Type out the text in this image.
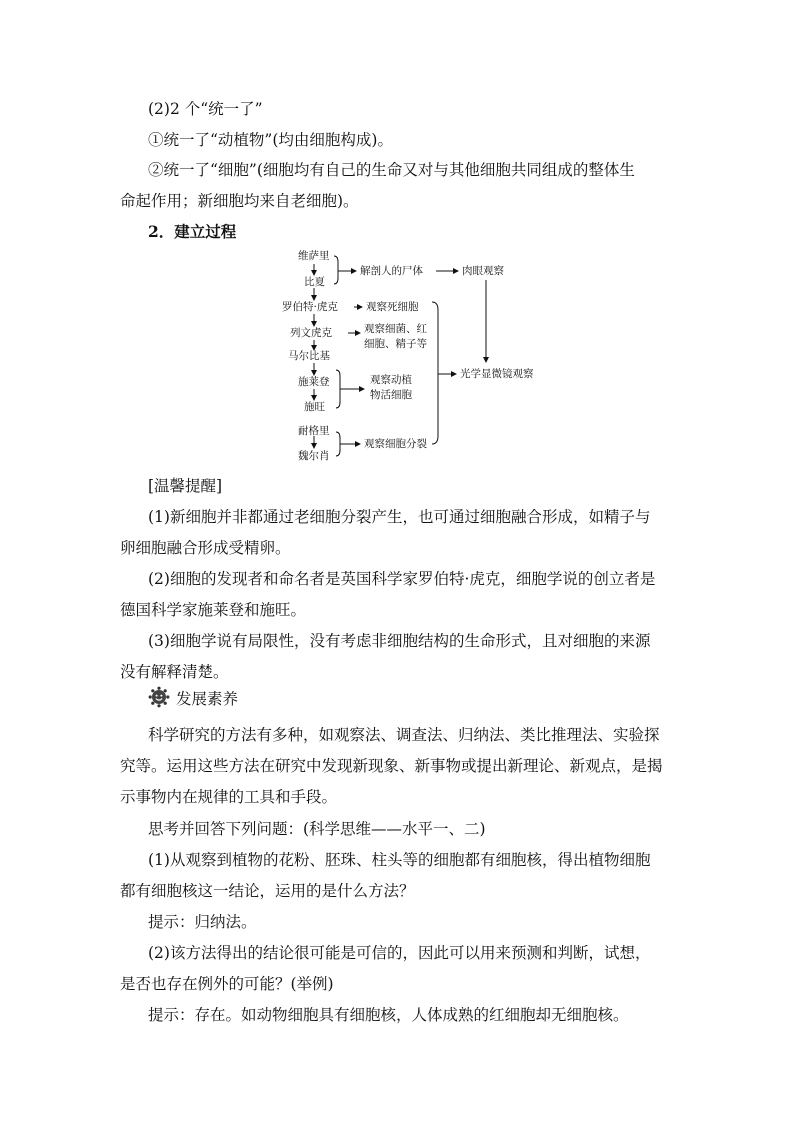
(2)2 个“统一了”
①统一了“动植物”(均由细胞构成)。
②统一了“细胞”(细胞均有自己的生命又对与其他细胞共同组成的整体生
命起作用；新细胞均来自老细胞)。
2．建立过程
维萨里
比夏
罗伯特·虎克
列文虎克
马尔比基
施莱登
施旺
耐格里
魏尔肖
解剖人的尸体
观察死细胞
观察细菌、红
细胞、精子等
观察动植
物活细胞
观察细胞分裂
肉眼观察
光学显微镜观察
[温馨提醒]
(1)新细胞并非都通过老细胞分裂产生，也可通过细胞融合形成，如精子与
卵细胞融合形成受精卵。
(2)细胞的发现者和命名者是英国科学家罗伯特·虎克，细胞学说的创立者是
德国科学家施莱登和施旺。
(3)细胞学说有局限性，没有考虑非细胞结构的生命形式，且对细胞的来源
没有解释清楚。
发展素养
科学研究的方法有多种，如观察法、调查法、归纳法、类比推理法、实验探
究等。运用这些方法在研究中发现新现象、新事物或提出新理论、新观点，是揭
示事物内在规律的工具和手段。
思考并回答下列问题：(科学思维——水平一、二)
(1)从观察到植物的花粉、胚珠、柱头等的细胞都有细胞核，得出植物细胞
都有细胞核这一结论，运用的是什么方法？
提示：归纳法。
(2)该方法得出的结论很可能是可信的，因此可以用来预测和判断，试想，
是否也存在例外的可能？(举例)
提示：存在。如动物细胞具有细胞核，人体成熟的红细胞却无细胞核。
